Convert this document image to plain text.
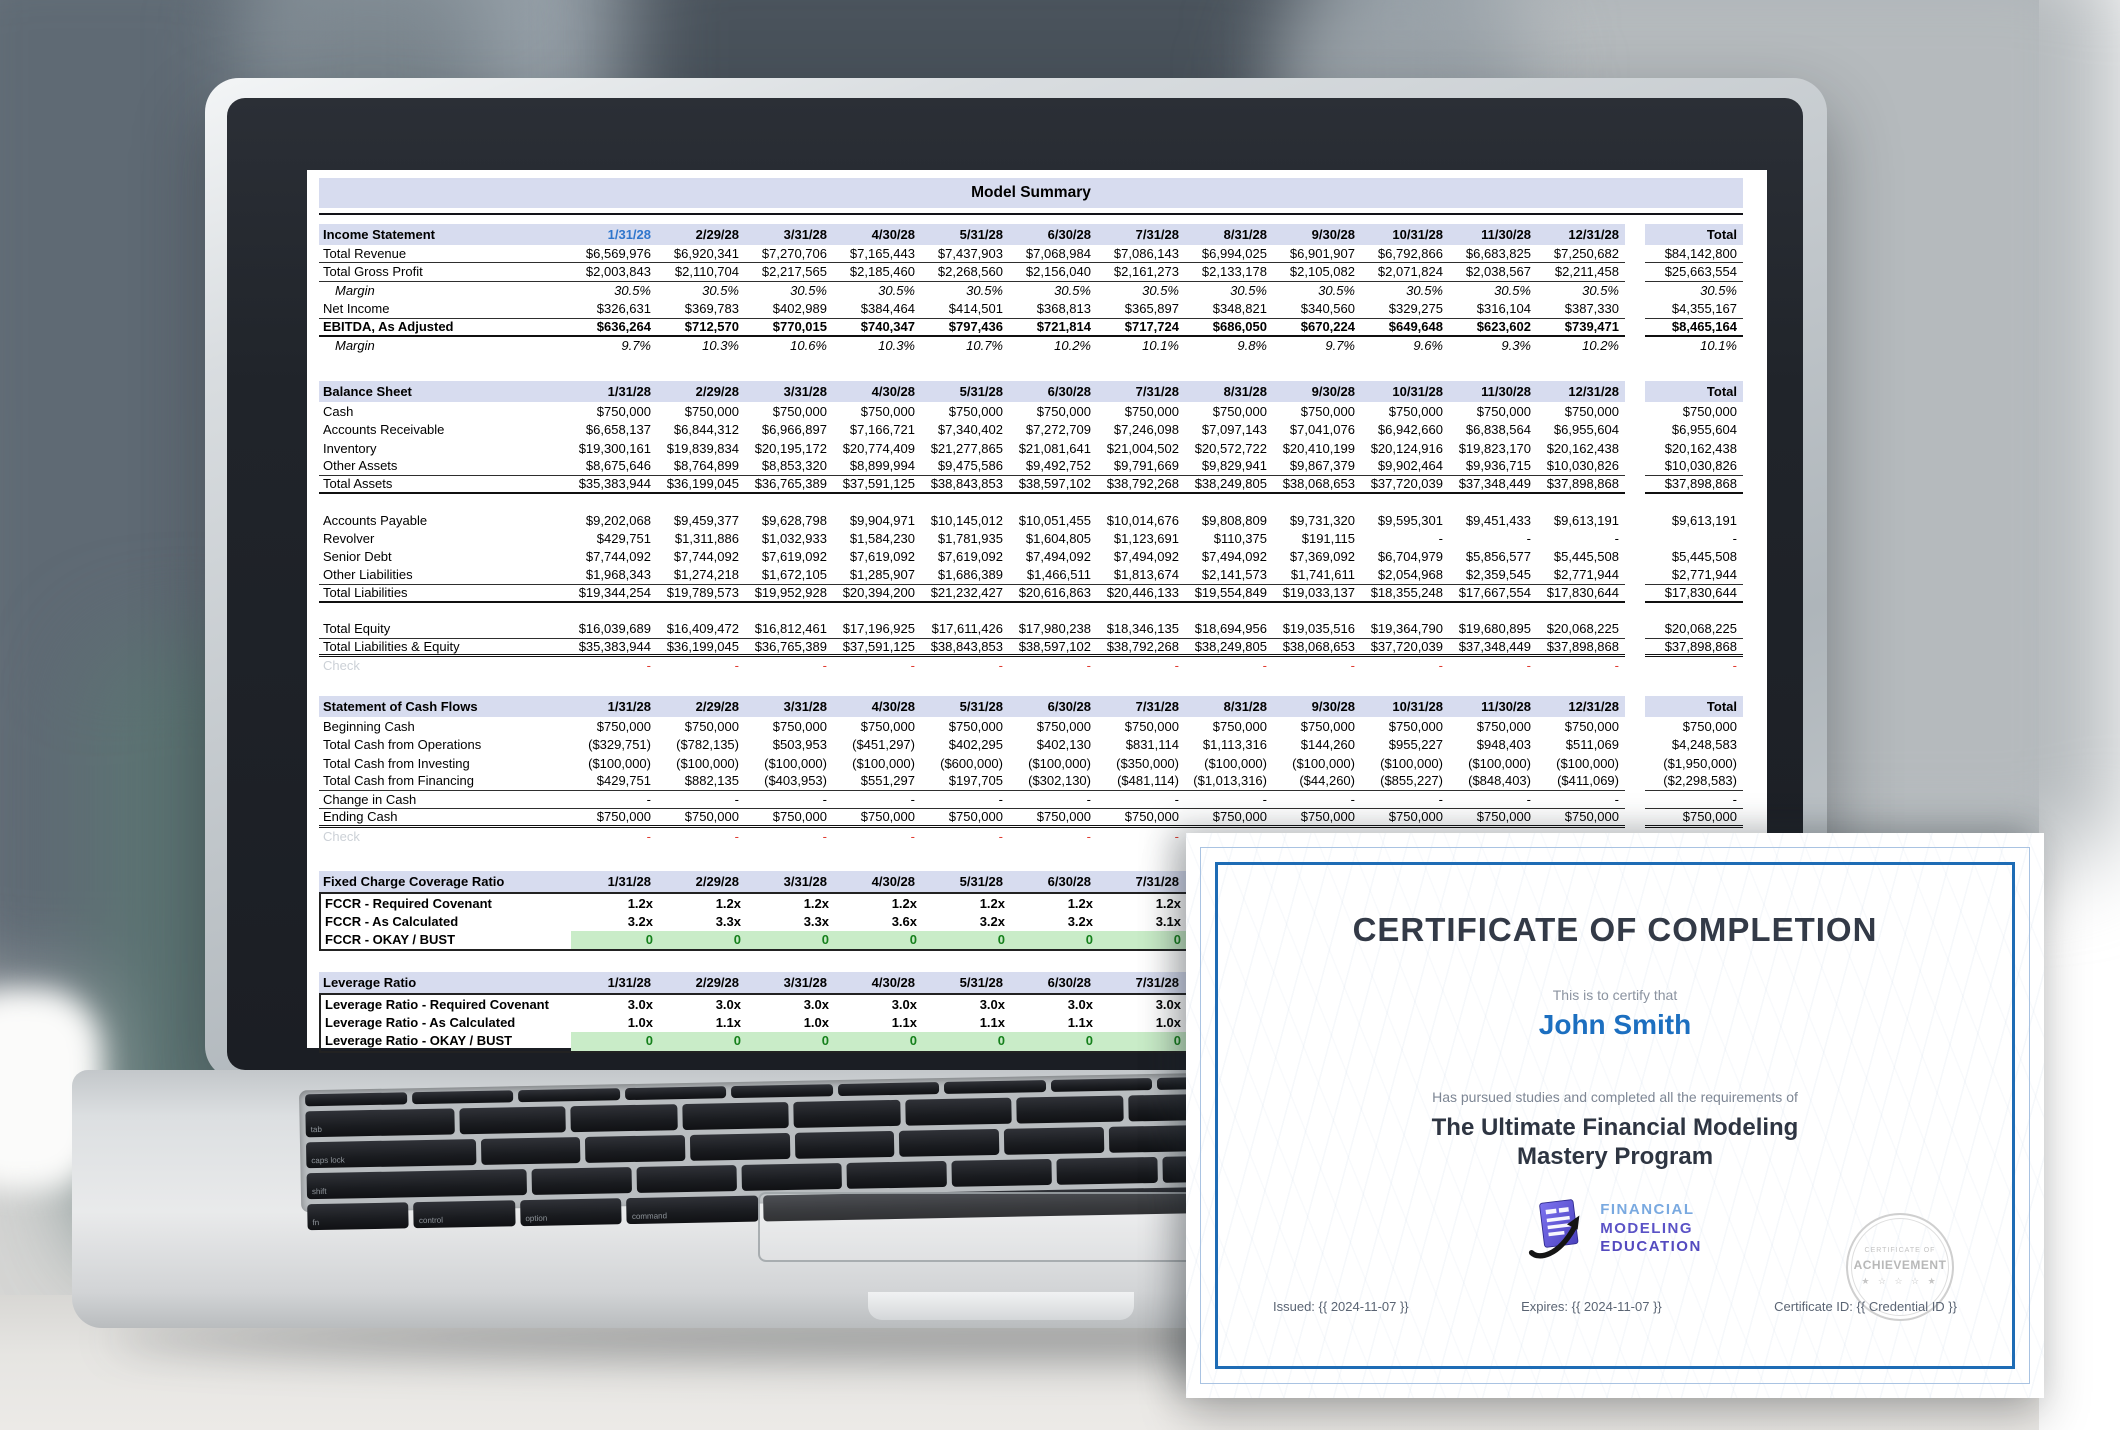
Model Summary
Income Statement	1/31/28	2/29/28	3/31/28	4/30/28	5/31/28	6/30/28	7/31/28	8/31/28	9/30/28	10/31/28	11/30/28	12/31/28	Total
Total Revenue	$6,569,976	$6,920,341	$7,270,706	$7,165,443	$7,437,903	$7,068,984	$7,086,143	$6,994,025	$6,901,907	$6,792,866	$6,683,825	$7,250,682	$84,142,800
Total Gross Profit	$2,003,843	$2,110,704	$2,217,565	$2,185,460	$2,268,560	$2,156,040	$2,161,273	$2,133,178	$2,105,082	$2,071,824	$2,038,567	$2,211,458	$25,663,554
Margin	30.5%	30.5%	30.5%	30.5%	30.5%	30.5%	30.5%	30.5%	30.5%	30.5%	30.5%	30.5%	30.5%
Net Income	$326,631	$369,783	$402,989	$384,464	$414,501	$368,813	$365,897	$348,821	$340,560	$329,275	$316,104	$387,330	$4,355,167
EBITDA, As Adjusted	$636,264	$712,570	$770,015	$740,347	$797,436	$721,814	$717,724	$686,050	$670,224	$649,648	$623,602	$739,471	$8,465,164
Margin	9.7%	10.3%	10.6%	10.3%	10.7%	10.2%	10.1%	9.8%	9.7%	9.6%	9.3%	10.2%	10.1%
Balance Sheet	1/31/28	2/29/28	3/31/28	4/30/28	5/31/28	6/30/28	7/31/28	8/31/28	9/30/28	10/31/28	11/30/28	12/31/28	Total
Cash	$750,000	$750,000	$750,000	$750,000	$750,000	$750,000	$750,000	$750,000	$750,000	$750,000	$750,000	$750,000	$750,000
Accounts Receivable	$6,658,137	$6,844,312	$6,966,897	$7,166,721	$7,340,402	$7,272,709	$7,246,098	$7,097,143	$7,041,076	$6,942,660	$6,838,564	$6,955,604	$6,955,604
Inventory	$19,300,161	$19,839,834	$20,195,172	$20,774,409	$21,277,865	$21,081,641	$21,004,502	$20,572,722	$20,410,199	$20,124,916	$19,823,170	$20,162,438	$20,162,438
Other Assets	$8,675,646	$8,764,899	$8,853,320	$8,899,994	$9,475,586	$9,492,752	$9,791,669	$9,829,941	$9,867,379	$9,902,464	$9,936,715	$10,030,826	$10,030,826
Total Assets	$35,383,944	$36,199,045	$36,765,389	$37,591,125	$38,843,853	$38,597,102	$38,792,268	$38,249,805	$38,068,653	$37,720,039	$37,348,449	$37,898,868	$37,898,868
Accounts Payable	$9,202,068	$9,459,377	$9,628,798	$9,904,971	$10,145,012	$10,051,455	$10,014,676	$9,808,809	$9,731,320	$9,595,301	$9,451,433	$9,613,191	$9,613,191
Revolver	$429,751	$1,311,886	$1,032,933	$1,584,230	$1,781,935	$1,604,805	$1,123,691	$110,375	$191,115	-	-	-	-
Senior Debt	$7,744,092	$7,744,092	$7,619,092	$7,619,092	$7,619,092	$7,494,092	$7,494,092	$7,494,092	$7,369,092	$6,704,979	$5,856,577	$5,445,508	$5,445,508
Other Liabilities	$1,968,343	$1,274,218	$1,672,105	$1,285,907	$1,686,389	$1,466,511	$1,813,674	$2,141,573	$1,741,611	$2,054,968	$2,359,545	$2,771,944	$2,771,944
Total Liabilities	$19,344,254	$19,789,573	$19,952,928	$20,394,200	$21,232,427	$20,616,863	$20,446,133	$19,554,849	$19,033,137	$18,355,248	$17,667,554	$17,830,644	$17,830,644
Total Equity	$16,039,689	$16,409,472	$16,812,461	$17,196,925	$17,611,426	$17,980,238	$18,346,135	$18,694,956	$19,035,516	$19,364,790	$19,680,895	$20,068,225	$20,068,225
Total Liabilities & Equity	$35,383,944	$36,199,045	$36,765,389	$37,591,125	$38,843,853	$38,597,102	$38,792,268	$38,249,805	$38,068,653	$37,720,039	$37,348,449	$37,898,868	$37,898,868
Check	-	-	-	-	-	-	-	-	-	-	-	-	-
Statement of Cash Flows	1/31/28	2/29/28	3/31/28	4/30/28	5/31/28	6/30/28	7/31/28	8/31/28	9/30/28	10/31/28	11/30/28	12/31/28	Total
Beginning Cash	$750,000	$750,000	$750,000	$750,000	$750,000	$750,000	$750,000	$750,000	$750,000	$750,000	$750,000	$750,000	$750,000
Total Cash from Operations	($329,751)	($782,135)	$503,953	($451,297)	$402,295	$402,130	$831,114	$1,113,316	$144,260	$955,227	$948,403	$511,069	$4,248,583
Total Cash from Investing	($100,000)	($100,000)	($100,000)	($100,000)	($600,000)	($100,000)	($350,000)	($100,000)	($100,000)	($100,000)	($100,000)	($100,000)	($1,950,000)
Total Cash from Financing	$429,751	$882,135	($403,953)	$551,297	$197,705	($302,130)	($481,114)	($1,013,316)	($44,260)	($855,227)	($848,403)	($411,069)	($2,298,583)
Change in Cash	-	-	-	-	-	-	-	-	-	-	-	-	-
Ending Cash	$750,000	$750,000	$750,000	$750,000	$750,000	$750,000	$750,000	$750,000	$750,000	$750,000	$750,000	$750,000	$750,000
Check	-	-	-	-	-	-	-
Fixed Charge Coverage Ratio	1/31/28	2/29/28	3/31/28	4/30/28	5/31/28	6/30/28	7/31/28
FCCR - Required Covenant	1.2x	1.2x	1.2x	1.2x	1.2x	1.2x	1.2x
FCCR - As Calculated	3.2x	3.3x	3.3x	3.6x	3.2x	3.2x	3.1x
FCCR - OKAY / BUST	0	0	0	0	0	0	0
Leverage Ratio	1/31/28	2/29/28	3/31/28	4/30/28	5/31/28	6/30/28	7/31/28
Leverage Ratio - Required Covenant	3.0x	3.0x	3.0x	3.0x	3.0x	3.0x	3.0x
Leverage Ratio - As Calculated	1.0x	1.1x	1.0x	1.1x	1.1x	1.1x	1.0x
Leverage Ratio - OKAY / BUST	0	0	0	0	0	0	0
tab
caps lock
shift
fn	control	option	command
CERTIFICATE OF COMPLETION
This is to certify that
John Smith
Has pursued studies and completed all the requirements of
The Ultimate Financial Modeling
Mastery Program
FINANCIAL
MODELING
EDUCATION	CERTIFICATE OF
ACHIEVEMENT
★ ☆ ☆ ☆ ★
Issued: {{ 2024-11-07 }}	Expires: {{ 2024-11-07 }}	Certificate ID: {{ Credential ID }}
